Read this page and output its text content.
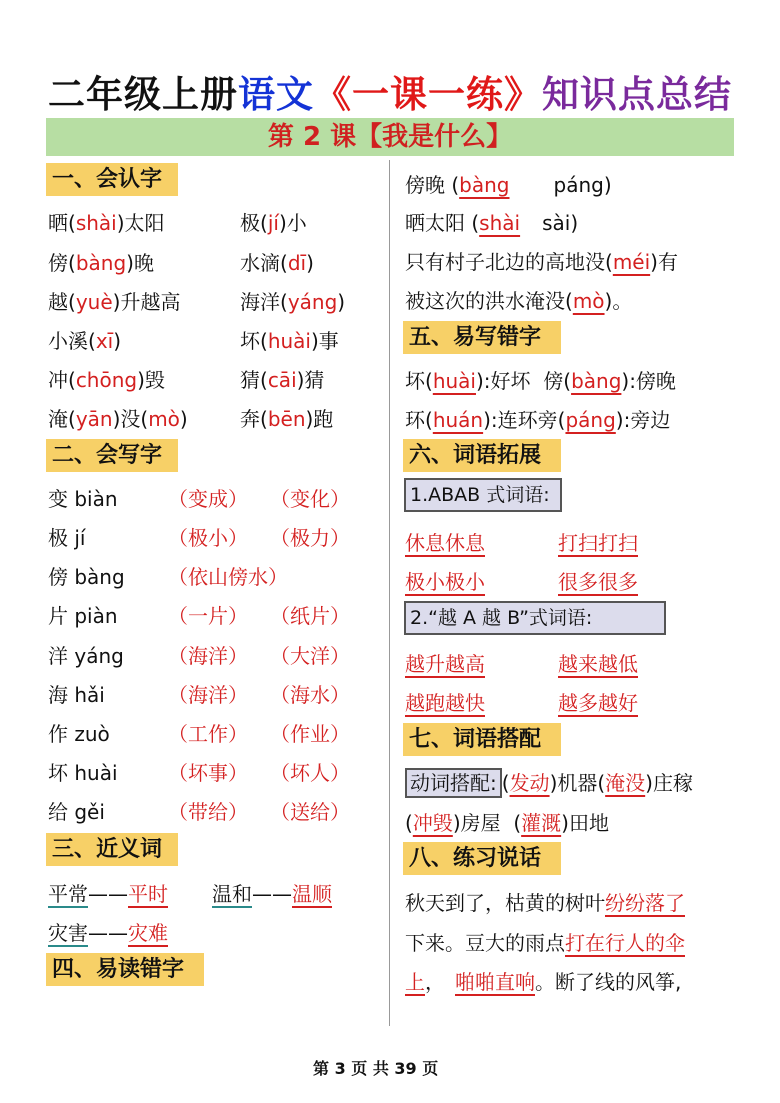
二年级上册语文《一课一练》知识点总结
第 2 课【我是什么】
一、会认字
晒(shài)太阳	极(jí)小
傍(bàng)晚	水滴(dī)
越(yuè)升越高	海洋(yáng)
小溪(xī)	坏(huài)事
冲(chōng)毁	猜(cāi)猜
淹(yān)没(mò)	奔(bēn)跑
二、会写字
变 biàn	（变成） （变化）
极 jí	（极小） （极力）
傍 bàng （依山傍水）
片 piàn	（一片） （纸片）
洋 yáng （海洋） （大洋）
海 hǎi	（海洋） （海水）
作 zuò	（工作） （作业）
坏 huài	（坏事） （坏人）
给 gěi	（带给） （送给）
三、近义词
平常——平时 温和——温顺
灾害——灾难
四、易读错字
傍晚 (bàng páng)
晒太阳 (shài sài)
只有村子北边的高地没(méi)有
被这次的洪水淹没(mò)。
五、易写错字
坏(huài):好坏  傍(bàng):傍晚
环(huán):连环旁(páng):旁边
六、词语拓展
1.ABAB 式词语:
休息休息	打扫打扫
极小极小	很多很多
2.“越 A 越 B”式词语:
越升越高	越来越低
越跑越快	越多越好
七、词语搭配
动词搭配: (发动)机器(淹没)庄稼
(冲毁)房屋  (灌溉)田地
八、练习说话
秋天到了，枯黄的树叶纷纷落了
下来。豆大的雨点打在行人的伞
上， 啪啪直响。断了线的风筝,
第 3 页 共 39 页
